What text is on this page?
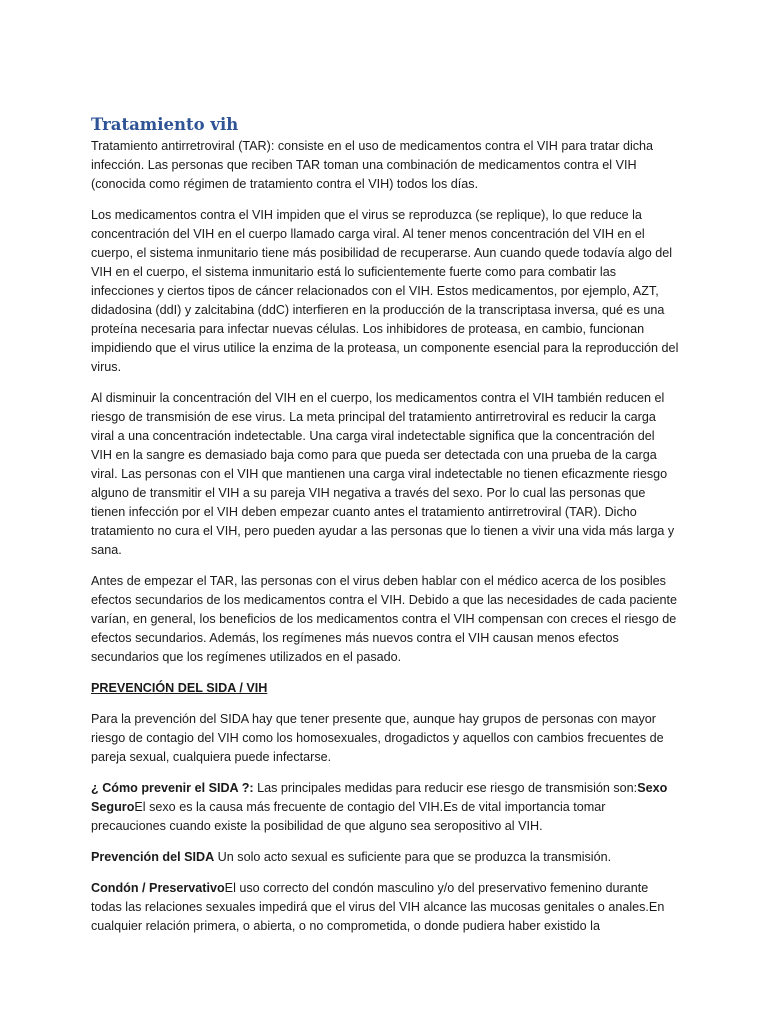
Tratamiento vih

Tratamiento antirretroviral (TAR): consiste en el uso de medicamentos contra el VIH para tratar dicha infección. Las personas que reciben TAR toman una combinación de medicamentos contra el VIH (conocida como régimen de tratamiento contra el VIH) todos los días.

Los medicamentos contra el VIH impiden que el virus se reproduzca (se replique), lo que reduce la concentración del VIH en el cuerpo llamado carga viral. Al tener menos concentración del VIH en el cuerpo, el sistema inmunitario tiene más posibilidad de recuperarse. Aun cuando quede todavía algo del VIH en el cuerpo, el sistema inmunitario está lo suficientemente fuerte como para combatir las infecciones y ciertos tipos de cáncer relacionados con el VIH. Estos medicamentos, por ejemplo, AZT, didadosina (ddI) y zalcitabina (ddC) interfieren en la producción de la transcriptasa inversa, qué es una proteína necesaria para infectar nuevas células. Los inhibidores de proteasa, en cambio, funcionan impidiendo que el virus utilice la enzima de la proteasa, un componente esencial para la reproducción del virus.

Al disminuir la concentración del VIH en el cuerpo, los medicamentos contra el VIH también reducen el riesgo de transmisión de ese virus. La meta principal del tratamiento antirretroviral es reducir la carga viral a una concentración indetectable. Una carga viral indetectable significa que la concentración del VIH en la sangre es demasiado baja como para que pueda ser detectada con una prueba de la carga viral. Las personas con el VIH que mantienen una carga viral indetectable no tienen eficazmente riesgo alguno de transmitir el VIH a su pareja VIH negativa a través del sexo. Por lo cual las personas que tienen infección por el VIH deben empezar cuanto antes el tratamiento antirretroviral (TAR). Dicho tratamiento no cura el VIH, pero pueden ayudar a las personas que lo tienen a vivir una vida más larga y sana.

Antes de empezar el TAR, las personas con el virus deben hablar con el médico acerca de los posibles efectos secundarios de los medicamentos contra el VIH. Debido a que las necesidades de cada paciente varían, en general, los beneficios de los medicamentos contra el VIH compensan con creces el riesgo de efectos secundarios. Además, los regímenes más nuevos contra el VIH causan menos efectos secundarios que los regímenes utilizados en el pasado.

PREVENCIÓN DEL SIDA / VIH

Para la prevención del SIDA hay que tener presente que, aunque hay grupos de personas con mayor riesgo de contagio del VIH como los homosexuales, drogadictos y aquellos con cambios frecuentes de pareja sexual, cualquiera puede infectarse.

¿ Cómo prevenir el SIDA ?: Las principales medidas para reducir ese riesgo de transmisión son:Sexo SeguroEl sexo es la causa más frecuente de contagio del VIH.Es de vital importancia tomar precauciones cuando existe la posibilidad de que alguno sea seropositivo al VIH.

Prevención del SIDA Un solo acto sexual es suficiente para que se produzca la transmisión.

Condón / PreservativoEl uso correcto del condón masculino y/o del preservativo femenino durante todas las relaciones sexuales impedirá que el virus del VIH alcance las mucosas genitales o anales.En cualquier relación primera, o abierta, o no comprometida, o donde pudiera haber existido la
